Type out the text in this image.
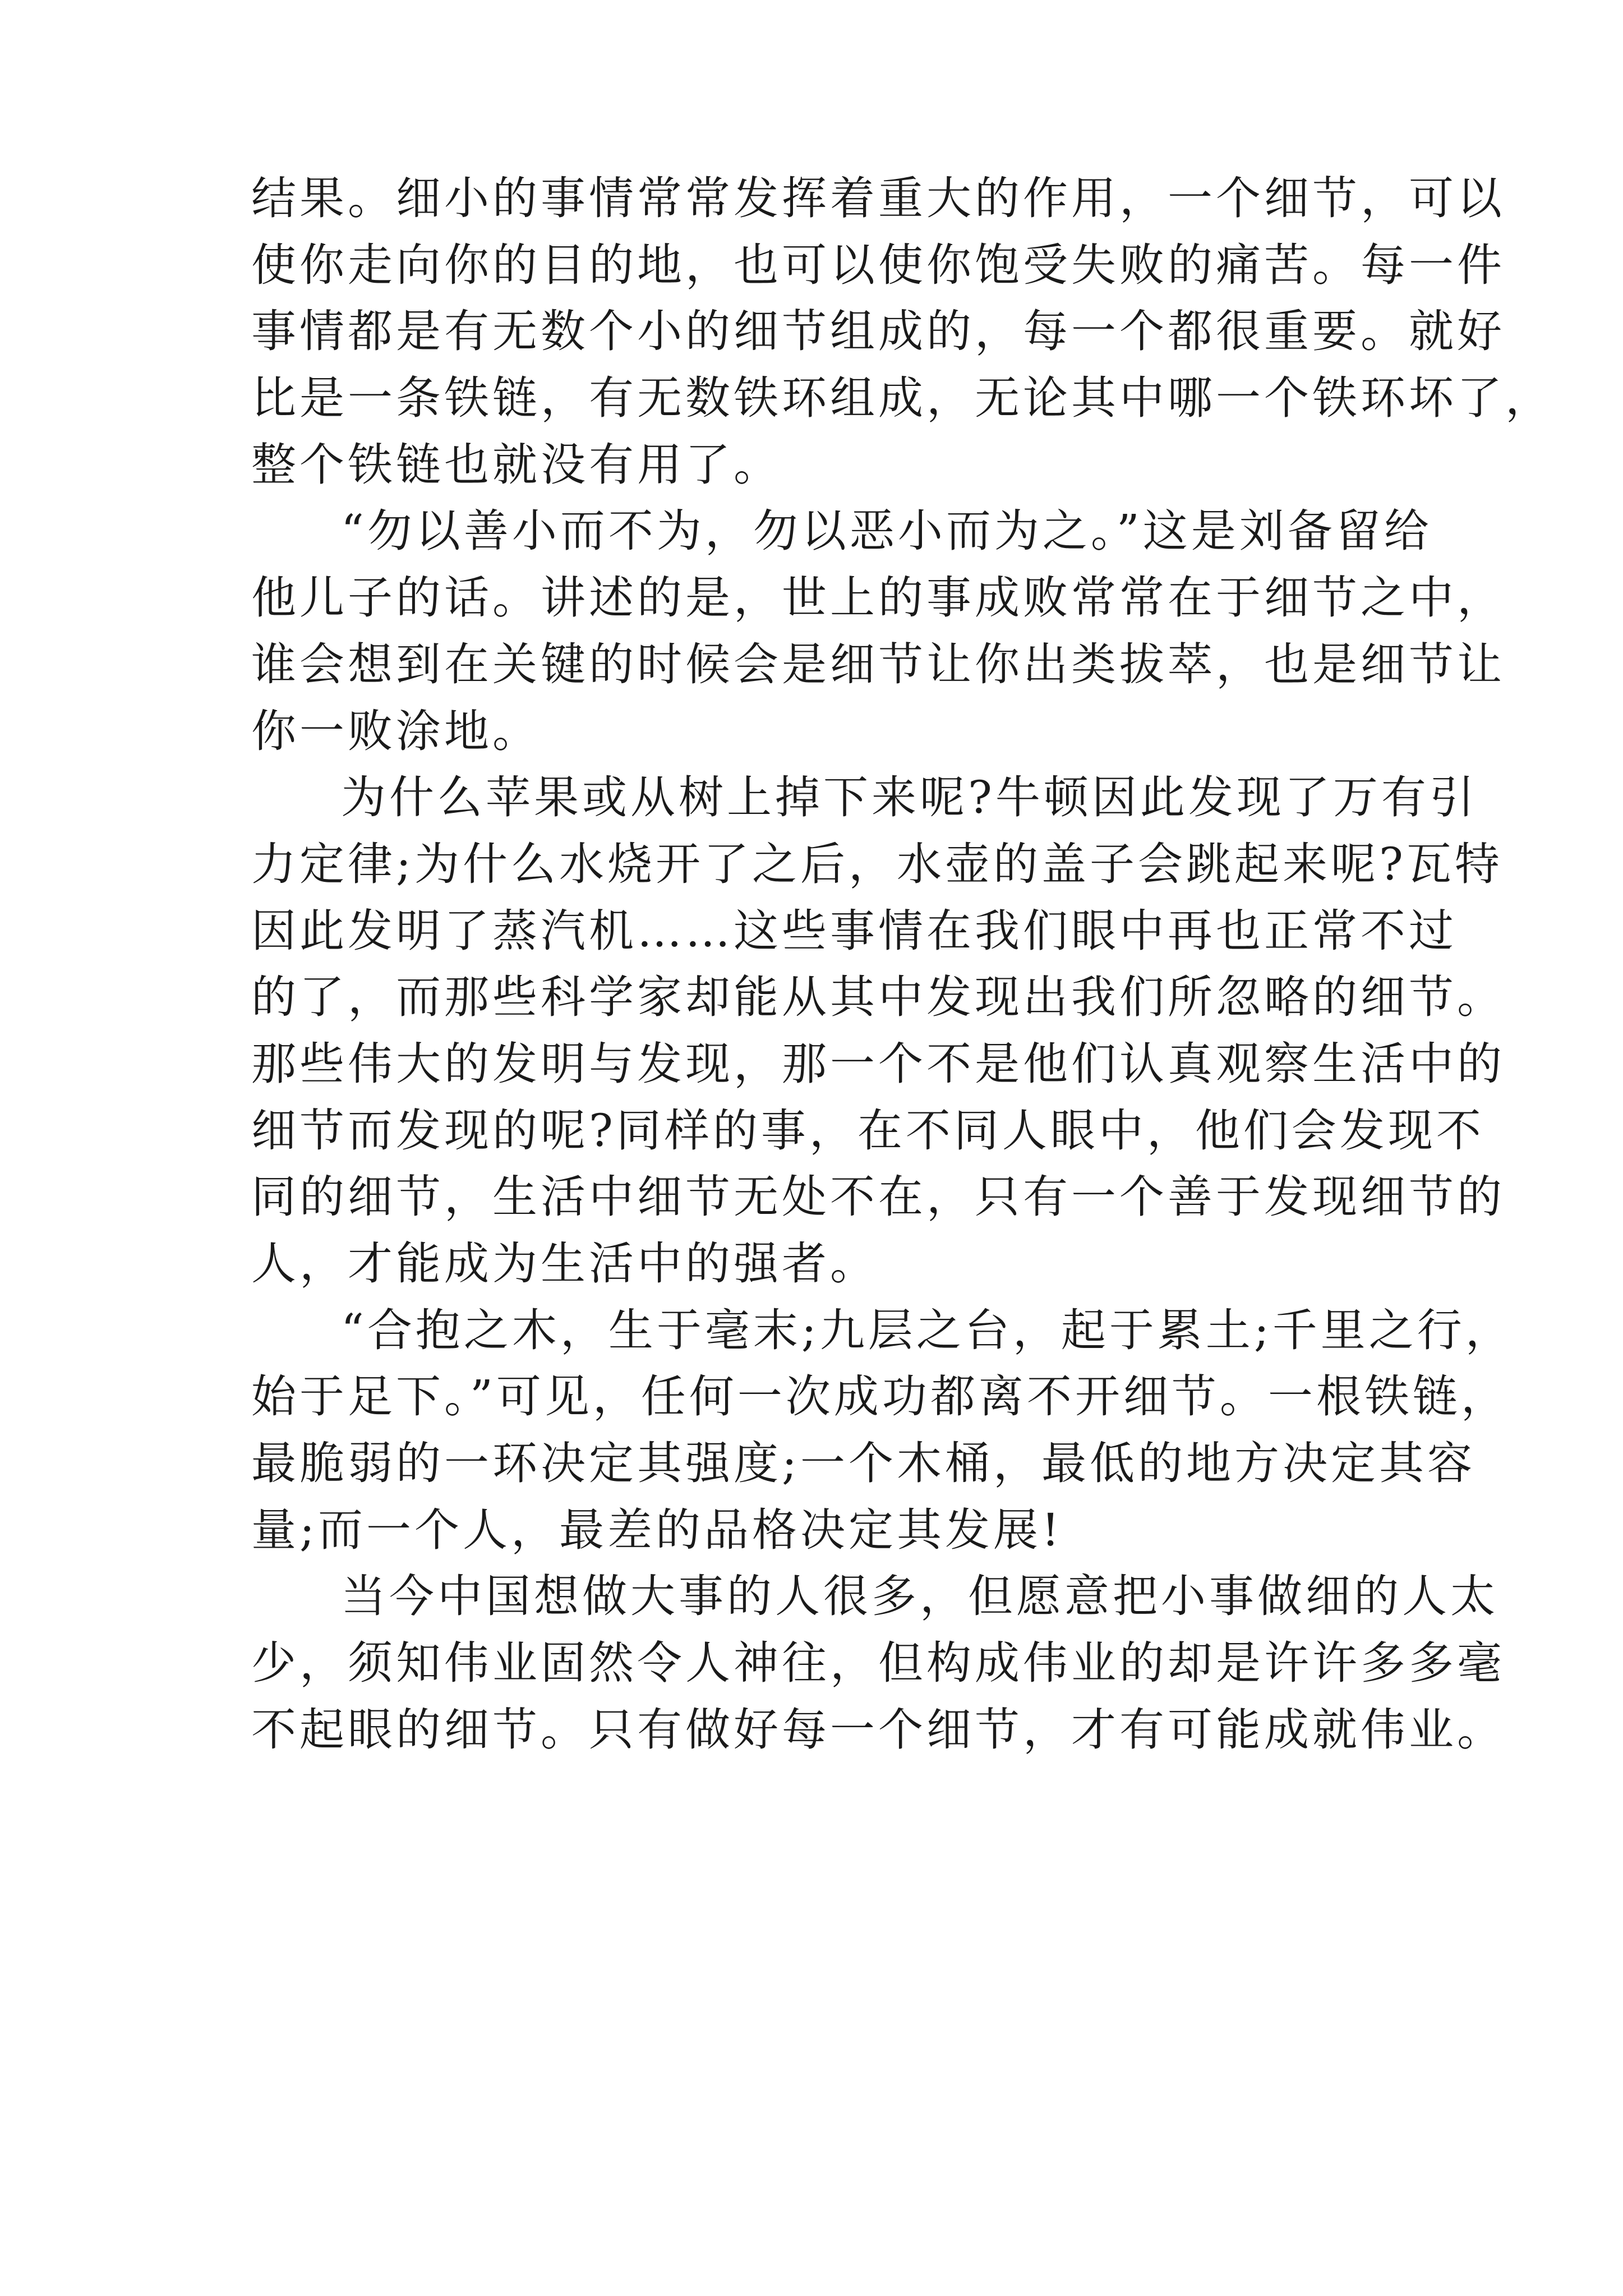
结果。细小的事情常常发挥着重大的作用，一个细节，可以
使你走向你的目的地，也可以使你饱受失败的痛苦。每一件
事情都是有无数个小的细节组成的，每一个都很重要。就好
比是一条铁链，有无数铁环组成，无论其中哪一个铁环坏了，
整个铁链也就没有用了。
“勿以善小而不为，勿以恶小而为之。”这是刘备留给
他儿子的话。讲述的是，世上的事成败常常在于细节之中，
谁会想到在关键的时候会是细节让你出类拔萃，也是细节让
你一败涂地。
为什么苹果或从树上掉下来呢?牛顿因此发现了万有引
力定律;为什么水烧开了之后，水壶的盖子会跳起来呢?瓦特
因此发明了蒸汽机……这些事情在我们眼中再也正常不过
的了，而那些科学家却能从其中发现出我们所忽略的细节。
那些伟大的发明与发现，那一个不是他们认真观察生活中的
细节而发现的呢?同样的事，在不同人眼中，他们会发现不
同的细节，生活中细节无处不在，只有一个善于发现细节的
人，才能成为生活中的强者。
“合抱之木，生于毫末;九层之台，起于累土;千里之行，
始于足下。”可见，任何一次成功都离不开细节。一根铁链，
最脆弱的一环决定其强度;一个木桶，最低的地方决定其容
量;而一个人，最差的品格决定其发展!
当今中国想做大事的人很多，但愿意把小事做细的人太
少，须知伟业固然令人神往，但构成伟业的却是许许多多毫
不起眼的细节。只有做好每一个细节，才有可能成就伟业。
